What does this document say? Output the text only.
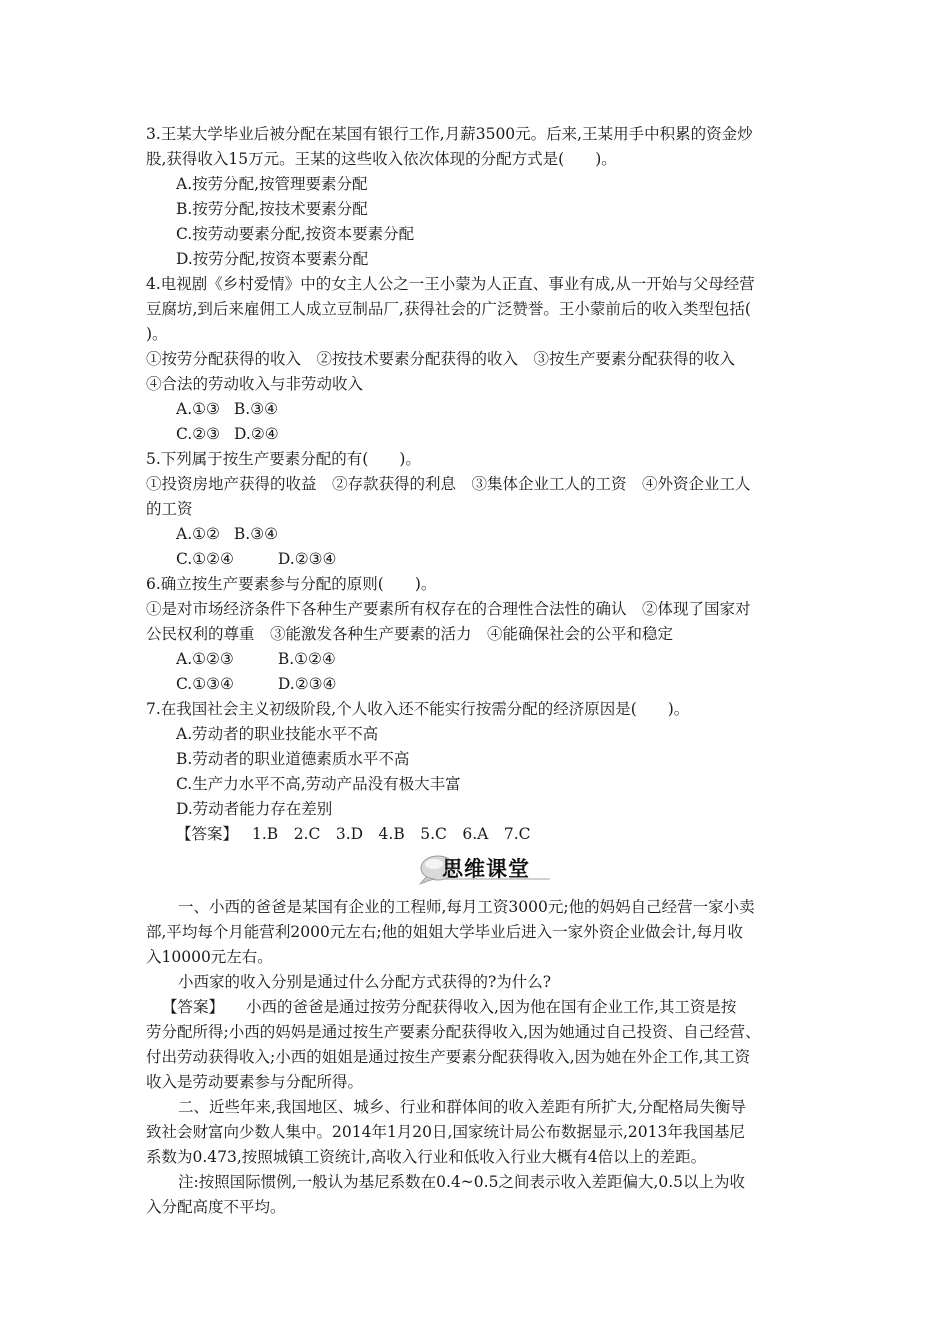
3.王某大学毕业后被分配在某国有银行工作,月薪3500元。后来,王某用手中积累的资金炒
股,获得收入15万元。王某的这些收入依次体现的分配方式是(　　)。
A.按劳分配,按管理要素分配
B.按劳分配,按技术要素分配
C.按劳动要素分配,按资本要素分配
D.按劳分配,按资本要素分配
4.电视剧《乡村爱情》中的女主人公之一王小蒙为人正直、事业有成,从一开始与父母经营
豆腐坊,到后来雇佣工人成立豆制品厂,获得社会的广泛赞誉。王小蒙前后的收入类型包括(
)。
①按劳分配获得的收入　②按技术要素分配获得的收入　③按生产要素分配获得的收入
④合法的劳动收入与非劳动收入
A.①③ B.③④
C.②③ D.②④
5.下列属于按生产要素分配的有(　　)。
①投资房地产获得的收益　②存款获得的利息　③集体企业工人的工资　④外资企业工人
的工资
A.①② B.③④
C.①②④	D.②③④
6.确立按生产要素参与分配的原则(　　)。
①是对市场经济条件下各种生产要素所有权存在的合理性合法性的确认　②体现了国家对
公民权利的尊重　③能激发各种生产要素的活力　④能确保社会的公平和稳定
A.①②③	B.①②④
C.①③④	D.②③④
7.在我国社会主义初级阶段,个人收入还不能实行按需分配的经济原因是(　　)。
A.劳动者的职业技能水平不高
B.劳动者的职业道德素质水平不高
C.生产力水平不高,劳动产品没有极大丰富
D.劳动者能力存在差别
【答案】 1.B　2.C　3.D　4.B　5.C　6.A　7.C
思维课堂
一、小西的爸爸是某国有企业的工程师,每月工资3000元;他的妈妈自己经营一家小卖
部,平均每个月能营利2000元左右;他的姐姐大学毕业后进入一家外资企业做会计,每月收
入10000元左右。
小西家的收入分别是通过什么分配方式获得的?为什么?
【答案】 小西的爸爸是通过按劳分配获得收入,因为他在国有企业工作,其工资是按
劳分配所得;小西的妈妈是通过按生产要素分配获得收入,因为她通过自己投资、自己经营、
付出劳动获得收入;小西的姐姐是通过按生产要素分配获得收入,因为她在外企工作,其工资
收入是劳动要素参与分配所得。
二、近些年来,我国地区、城乡、行业和群体间的收入差距有所扩大,分配格局失衡导
致社会财富向少数人集中。2014年1月20日,国家统计局公布数据显示,2013年我国基尼
系数为0.473,按照城镇工资统计,高收入行业和低收入行业大概有4倍以上的差距。
注:按照国际惯例,一般认为基尼系数在0.4~0.5之间表示收入差距偏大,0.5以上为收
入分配高度不平均。
